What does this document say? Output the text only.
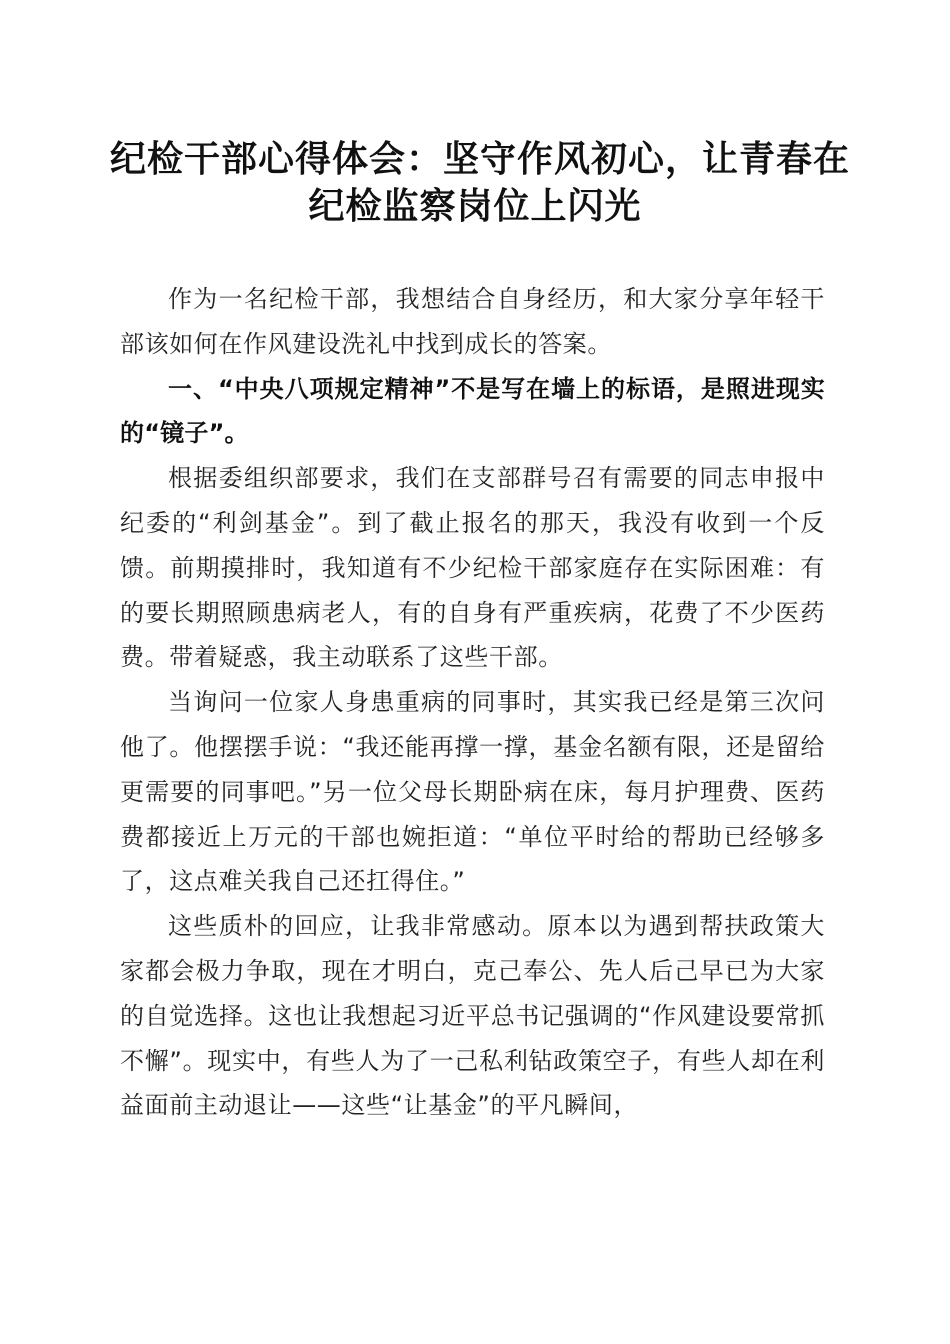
纪检干部心得体会：坚守作风初心，让青春在
纪检监察岗位上闪光

作为一名纪检干部，我想结合自身经历，和大家分享年轻干部该如何在作风建设洗礼中找到成长的答案。

一、“中央八项规定精神”不是写在墙上的标语，是照进现实的“镜子”。

根据委组织部要求，我们在支部群号召有需要的同志申报中纪委的“利剑基金”。到了截止报名的那天，我没有收到一个反馈。前期摸排时，我知道有不少纪检干部家庭存在实际困难：有的要长期照顾患病老人，有的自身有严重疾病，花费了不少医药费。带着疑惑，我主动联系了这些干部。

当询问一位家人身患重病的同事时，其实我已经是第三次问他了。他摆摆手说：“我还能再撑一撑，基金名额有限，还是留给更需要的同事吧。”另一位父母长期卧病在床，每月护理费、医药费都接近上万元的干部也婉拒道：“单位平时给的帮助已经够多了，这点难关我自己还扛得住。”

这些质朴的回应，让我非常感动。原本以为遇到帮扶政策大家都会极力争取，现在才明白，克己奉公、先人后己早已为大家的自觉选择。这也让我想起习近平总书记强调的“作风建设要常抓不懈”。现实中，有些人为了一己私利钻政策空子，有些人却在利益面前主动退让——这些“让基金”的平凡瞬间，
